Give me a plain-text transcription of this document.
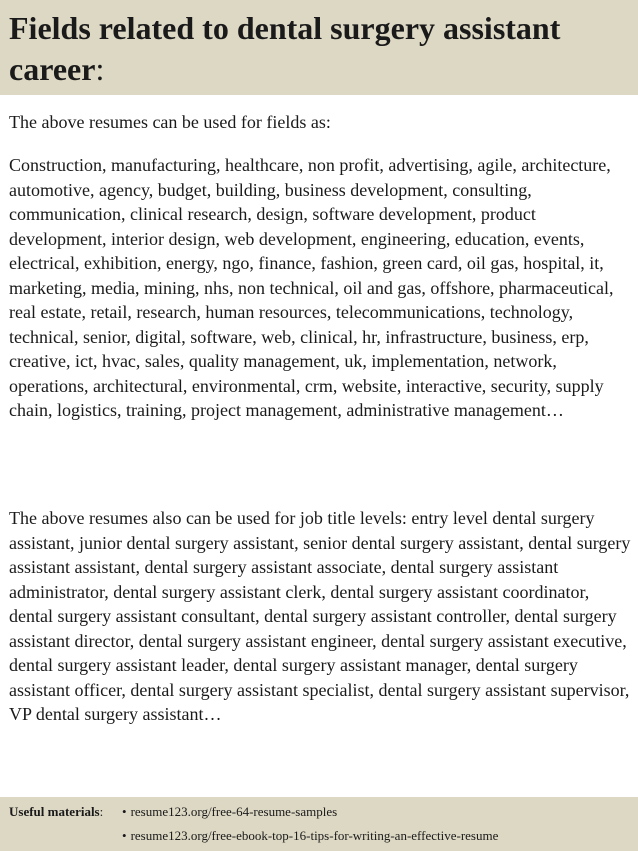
Fields related to dental surgery assistant
career:

The above resumes can be used for fields as:

Construction, manufacturing, healthcare, non profit, advertising, agile, architecture, automotive, agency, budget, building, business development, consulting, communication, clinical research, design, software development, product development, interior design, web development, engineering, education, events, electrical, exhibition, energy, ngo, finance, fashion, green card, oil gas, hospital, it, marketing, media, mining, nhs, non technical, oil and gas, offshore, pharmaceutical, real estate, retail, research, human resources, telecommunications, technology, technical, senior, digital, software, web, clinical, hr, infrastructure, business, erp, creative, ict, hvac, sales, quality management, uk, implementation, network, operations, architectural, environmental, crm, website, interactive, security, supply chain, logistics, training, project management, administrative management…

The above resumes also can be used for job title levels: entry level dental surgery assistant, junior dental surgery assistant, senior dental surgery assistant, dental surgery assistant assistant, dental surgery assistant associate, dental surgery assistant administrator, dental surgery assistant clerk, dental surgery assistant coordinator, dental surgery assistant consultant, dental surgery assistant controller, dental surgery assistant director, dental surgery assistant engineer, dental surgery assistant executive, dental surgery assistant leader, dental surgery assistant manager, dental surgery assistant officer, dental surgery assistant specialist, dental surgery assistant supervisor, VP dental surgery assistant…

Useful materials: • resume123.org/free-64-resume-samples
• resume123.org/free-ebook-top-16-tips-for-writing-an-effective-resume
